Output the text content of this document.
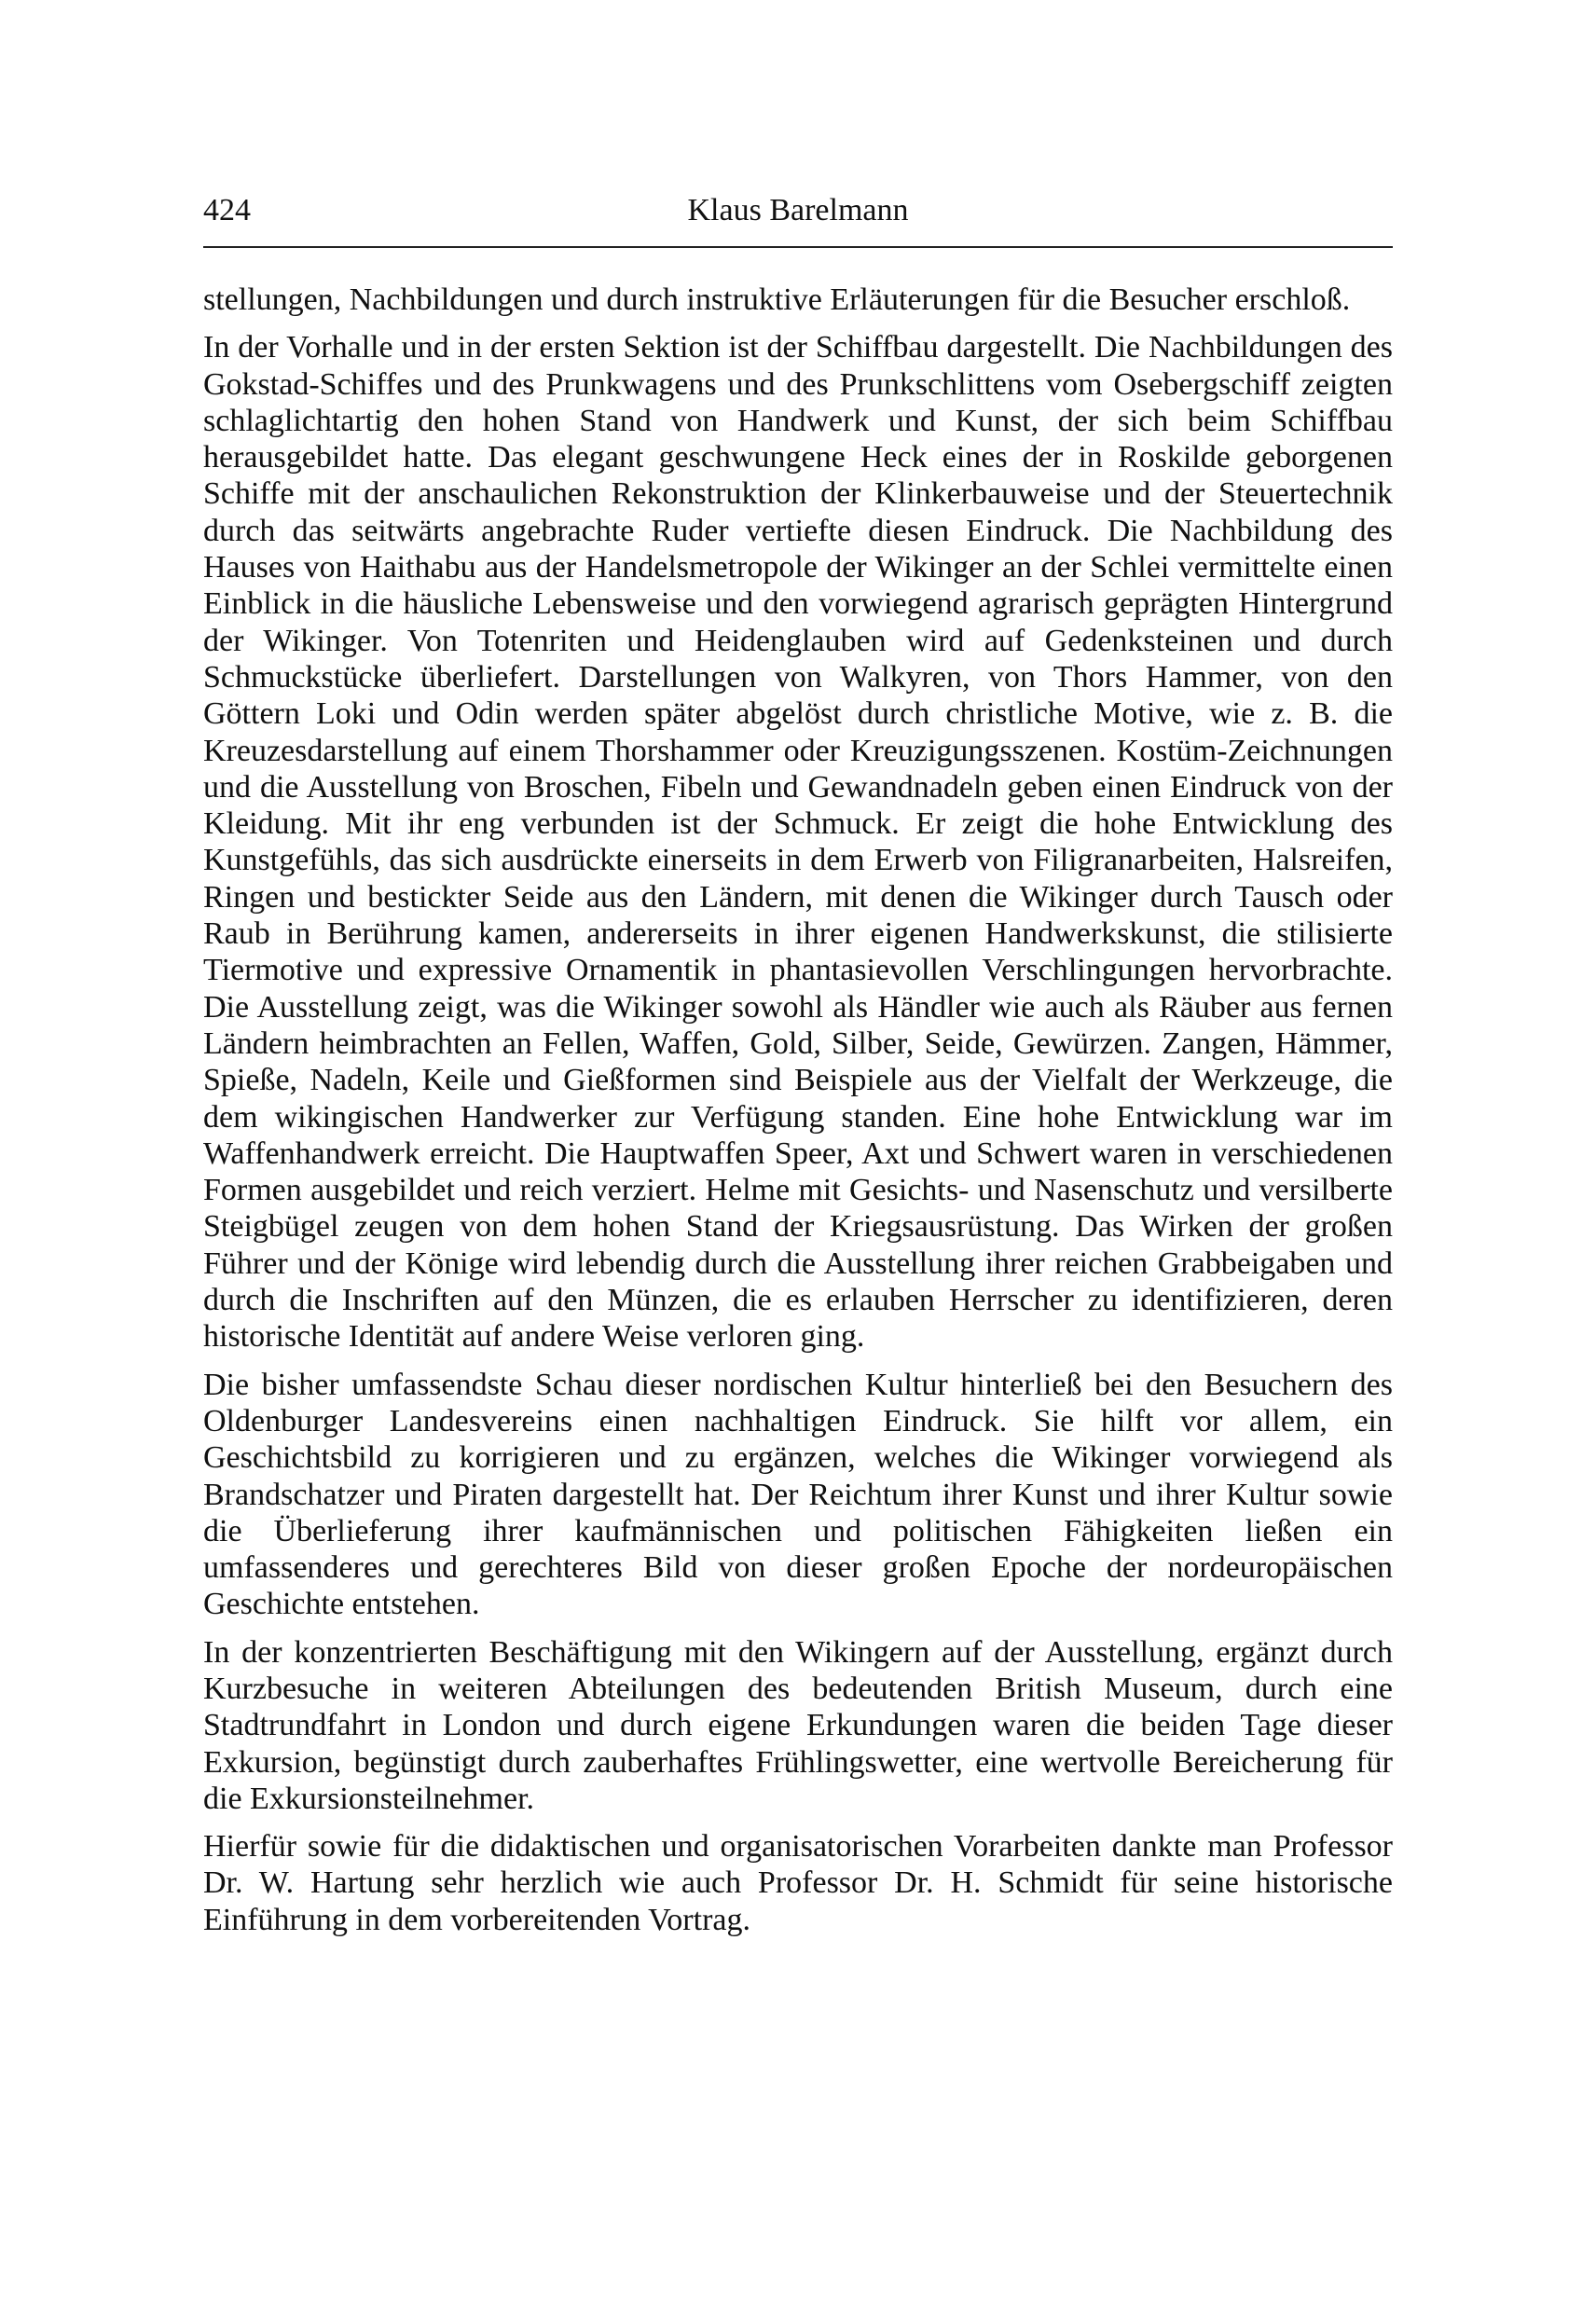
424	Klaus Barelmann

stellungen, Nachbildungen und durch instruktive Erläuterungen für die Besucher erschloß.

In der Vorhalle und in der ersten Sektion ist der Schiffbau dargestellt. Die Nachbildungen des Gokstad-Schiffes und des Prunkwagens und des Prunkschlittens vom Osebergschiff zeigten schlaglichtartig den hohen Stand von Handwerk und Kunst, der sich beim Schiffbau herausgebildet hatte. Das elegant geschwungene Heck eines der in Roskilde geborgenen Schiffe mit der anschaulichen Rekonstruktion der Klinkerbauweise und der Steuertechnik durch das seitwärts angebrachte Ruder vertiefte diesen Eindruck. Die Nachbildung des Hauses von Haithabu aus der Handelsmetropole der Wikinger an der Schlei vermittelte einen Einblick in die häusliche Lebensweise und den vorwiegend agrarisch geprägten Hintergrund der Wikinger. Von Totenriten und Heidenglauben wird auf Gedenksteinen und durch Schmuckstücke überliefert. Darstellungen von Walkyren, von Thors Hammer, von den Göttern Loki und Odin werden später abgelöst durch christliche Motive, wie z. B. die Kreuzesdarstellung auf einem Thorshammer oder Kreuzigungsszenen. Kostüm-Zeichnungen und die Ausstellung von Broschen, Fibeln und Gewandnadeln geben einen Eindruck von der Kleidung. Mit ihr eng verbunden ist der Schmuck. Er zeigt die hohe Entwicklung des Kunstgefühls, das sich ausdrückte einerseits in dem Erwerb von Filigranarbeiten, Halsreifen, Ringen und bestickter Seide aus den Ländern, mit denen die Wikinger durch Tausch oder Raub in Berührung kamen, andererseits in ihrer eigenen Handwerkskunst, die stilisierte Tiermotive und expressive Ornamentik in phantasievollen Verschlingungen hervorbrachte. Die Ausstellung zeigt, was die Wikinger sowohl als Händler wie auch als Räuber aus fernen Ländern heimbrachten an Fellen, Waffen, Gold, Silber, Seide, Gewürzen. Zangen, Hämmer, Spieße, Nadeln, Keile und Gießformen sind Beispiele aus der Vielfalt der Werkzeuge, die dem wikingischen Handwerker zur Verfügung standen. Eine hohe Entwicklung war im Waffenhandwerk erreicht. Die Hauptwaffen Speer, Axt und Schwert waren in verschiedenen Formen ausgebildet und reich verziert. Helme mit Gesichts- und Nasenschutz und versilberte Steigbügel zeugen von dem hohen Stand der Kriegsausrüstung. Das Wirken der großen Führer und der Könige wird lebendig durch die Ausstellung ihrer reichen Grabbeigaben und durch die Inschriften auf den Münzen, die es erlauben Herrscher zu identifizieren, deren historische Identität auf andere Weise verloren ging.

Die bisher umfassendste Schau dieser nordischen Kultur hinterließ bei den Besuchern des Oldenburger Landesvereins einen nachhaltigen Eindruck. Sie hilft vor allem, ein Geschichtsbild zu korrigieren und zu ergänzen, welches die Wikinger vorwiegend als Brandschatzer und Piraten dargestellt hat. Der Reichtum ihrer Kunst und ihrer Kultur sowie die Überlieferung ihrer kaufmännischen und politischen Fähigkeiten ließen ein umfassenderes und gerechteres Bild von dieser großen Epoche der nordeuropäischen Geschichte entstehen.

In der konzentrierten Beschäftigung mit den Wikingern auf der Ausstellung, ergänzt durch Kurzbesuche in weiteren Abteilungen des bedeutenden British Museum, durch eine Stadtrundfahrt in London und durch eigene Erkundungen waren die beiden Tage dieser Exkursion, begünstigt durch zauberhaftes Frühlingswetter, eine wertvolle Bereicherung für die Exkursionsteilnehmer.

Hierfür sowie für die didaktischen und organisatorischen Vorarbeiten dankte man Professor Dr. W. Hartung sehr herzlich wie auch Professor Dr. H. Schmidt für seine historische Einführung in dem vorbereitenden Vortrag.
